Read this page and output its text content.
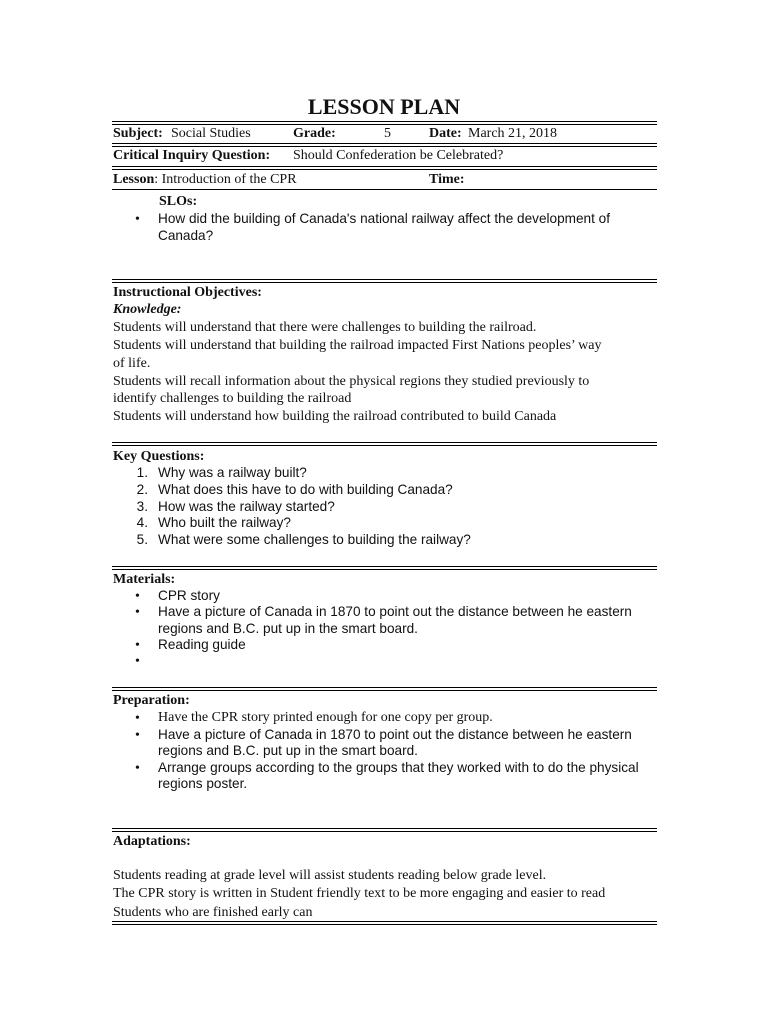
LESSON PLAN
Subject: Social Studies	Grade:	5	Date: March 21, 2018
Critical Inquiry Question: Should Confederation be Celebrated?
Lesson: Introduction of the CPR	Time:
SLOs:
• How did the building of Canada's national railway affect the development of
Canada?
Instructional Objectives:
Knowledge:
Students will understand that there were challenges to building the railroad.
Students will understand that building the railroad impacted First Nations peoples’ way
of life.
Students will recall information about the physical regions they studied previously to
identify challenges to building the railroad
Students will understand how building the railroad contributed to build Canada
Key Questions:
1. Why was a railway built?
2. What does this have to do with building Canada?
3. How was the railway started?
4. Who built the railway?
5. What were some challenges to building the railway?
Materials:
• CPR story
• Have a picture of Canada in 1870 to point out the distance between he eastern
regions and B.C. put up in the smart board.
• Reading guide
•
Preparation:
• Have the CPR story printed enough for one copy per group.
• Have a picture of Canada in 1870 to point out the distance between he eastern
regions and B.C. put up in the smart board.
• Arrange groups according to the groups that they worked with to do the physical
regions poster.
Adaptations:
Students reading at grade level will assist students reading below grade level.
The CPR story is written in Student friendly text to be more engaging and easier to read
Students who are finished early can
